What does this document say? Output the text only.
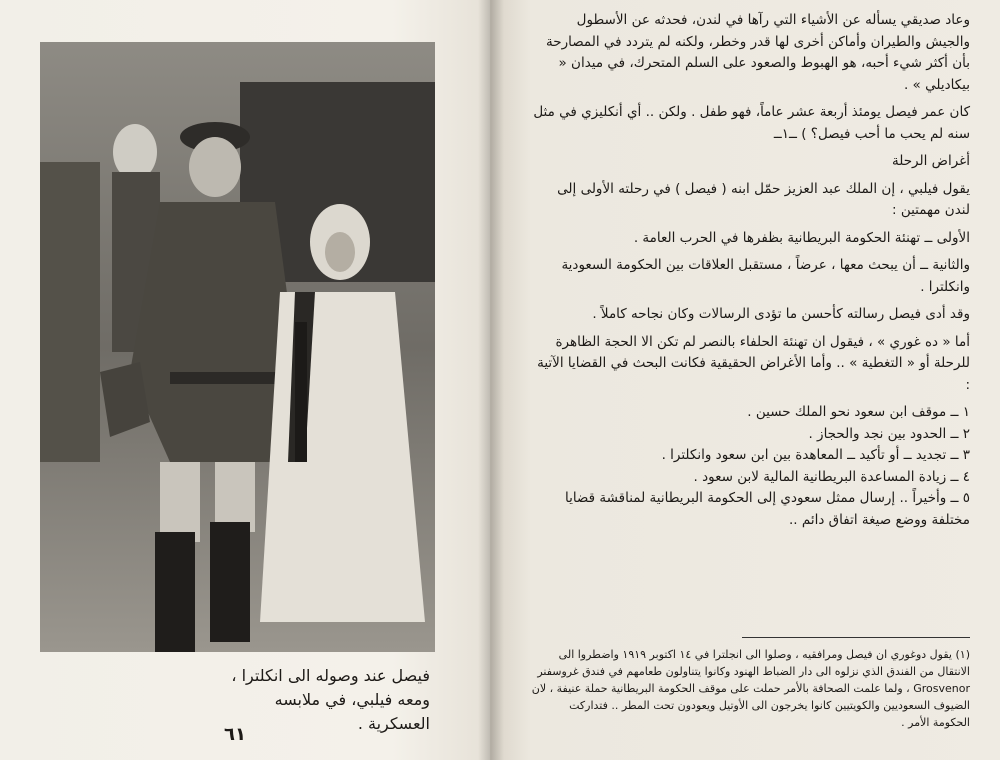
فيصل عند وصوله الى انكلترا ،
ومعه فيلبي، في ملابسه العسكرية .
٦١

وعاد صديقي يسأله عن الأشياء التي رآها في لندن، فحدثه عن الأسطول والجيش والطيران وأماكن أخرى لها قدر وخطر، ولكنه لم يتردد في المصارحة بأن أكثر شيء أحبه، هو الهبوط والصعود على السلم المتحرك، في ميدان « بيكاديلي » .

كان عمر فيصل يومئذ أربعة عشر عاماً، فهو طفل . ولكن .. أي أنكليزي في مثل سنه لم يحب ما أحب فيصل؟ ) ــ١ــ

أغراض الرحلة

يقول فيلبي ، إن الملك عبد العزيز حمّل ابنه ( فيصل ) في رحلته الأولى إلى لندن مهمتين :

الأولى ــ تهنئة الحكومة البريطانية بظفرها في الحرب العامة .

والثانية ــ أن يبحث معها ، عرضاً ، مستقبل العلاقات بين الحكومة السعودية وانكلترا .

وقد أدى فيصل رسالته كأحسن ما تؤدى الرسالات وكان نجاحه كاملاً .

أما « ده غوري » ، فيقول ان تهنئة الحلفاء بالنصر لم تكن الا الحجة الظاهرة للرحلة أو « التغطية » .. وأما الأغراض الحقيقية فكانت البحث في القضايا الآتية :

١ ــ موقف ابن سعود نحو الملك حسين .
٢ ــ الحدود بين نجد والحجاز .
٣ ــ تجديد ــ أو تأكيد ــ المعاهدة بين ابن سعود وانكلترا .
٤ ــ زيادة المساعدة البريطانية المالية لابن سعود .
٥ ــ وأخيراً .. إرسال ممثل سعودي إلى الحكومة البريطانية لمناقشة قضايا مختلفة ووضع صيغة اتفاق دائم ..
(١) يقول دوغوري ان فيصل ومرافقيه ، وصلوا الى انجلترا في ١٤ اكتوبر ١٩١٩ واضطروا الى الانتقال من الفندق الذي نزلوه الى دار الضباط الهنود وكانوا يتناولون طعامهم في فندق غروسفنر Grosvenor ، ولما علمت الصحافة بالأمر حملت على موقف الحكومة البريطانية حملة عنيفة ، لان الضيوف السعوديين والكويتيين كانوا يخرجون الى الأوتيل ويعودون تحت المطر .. فتداركت الحكومة الأمر .
